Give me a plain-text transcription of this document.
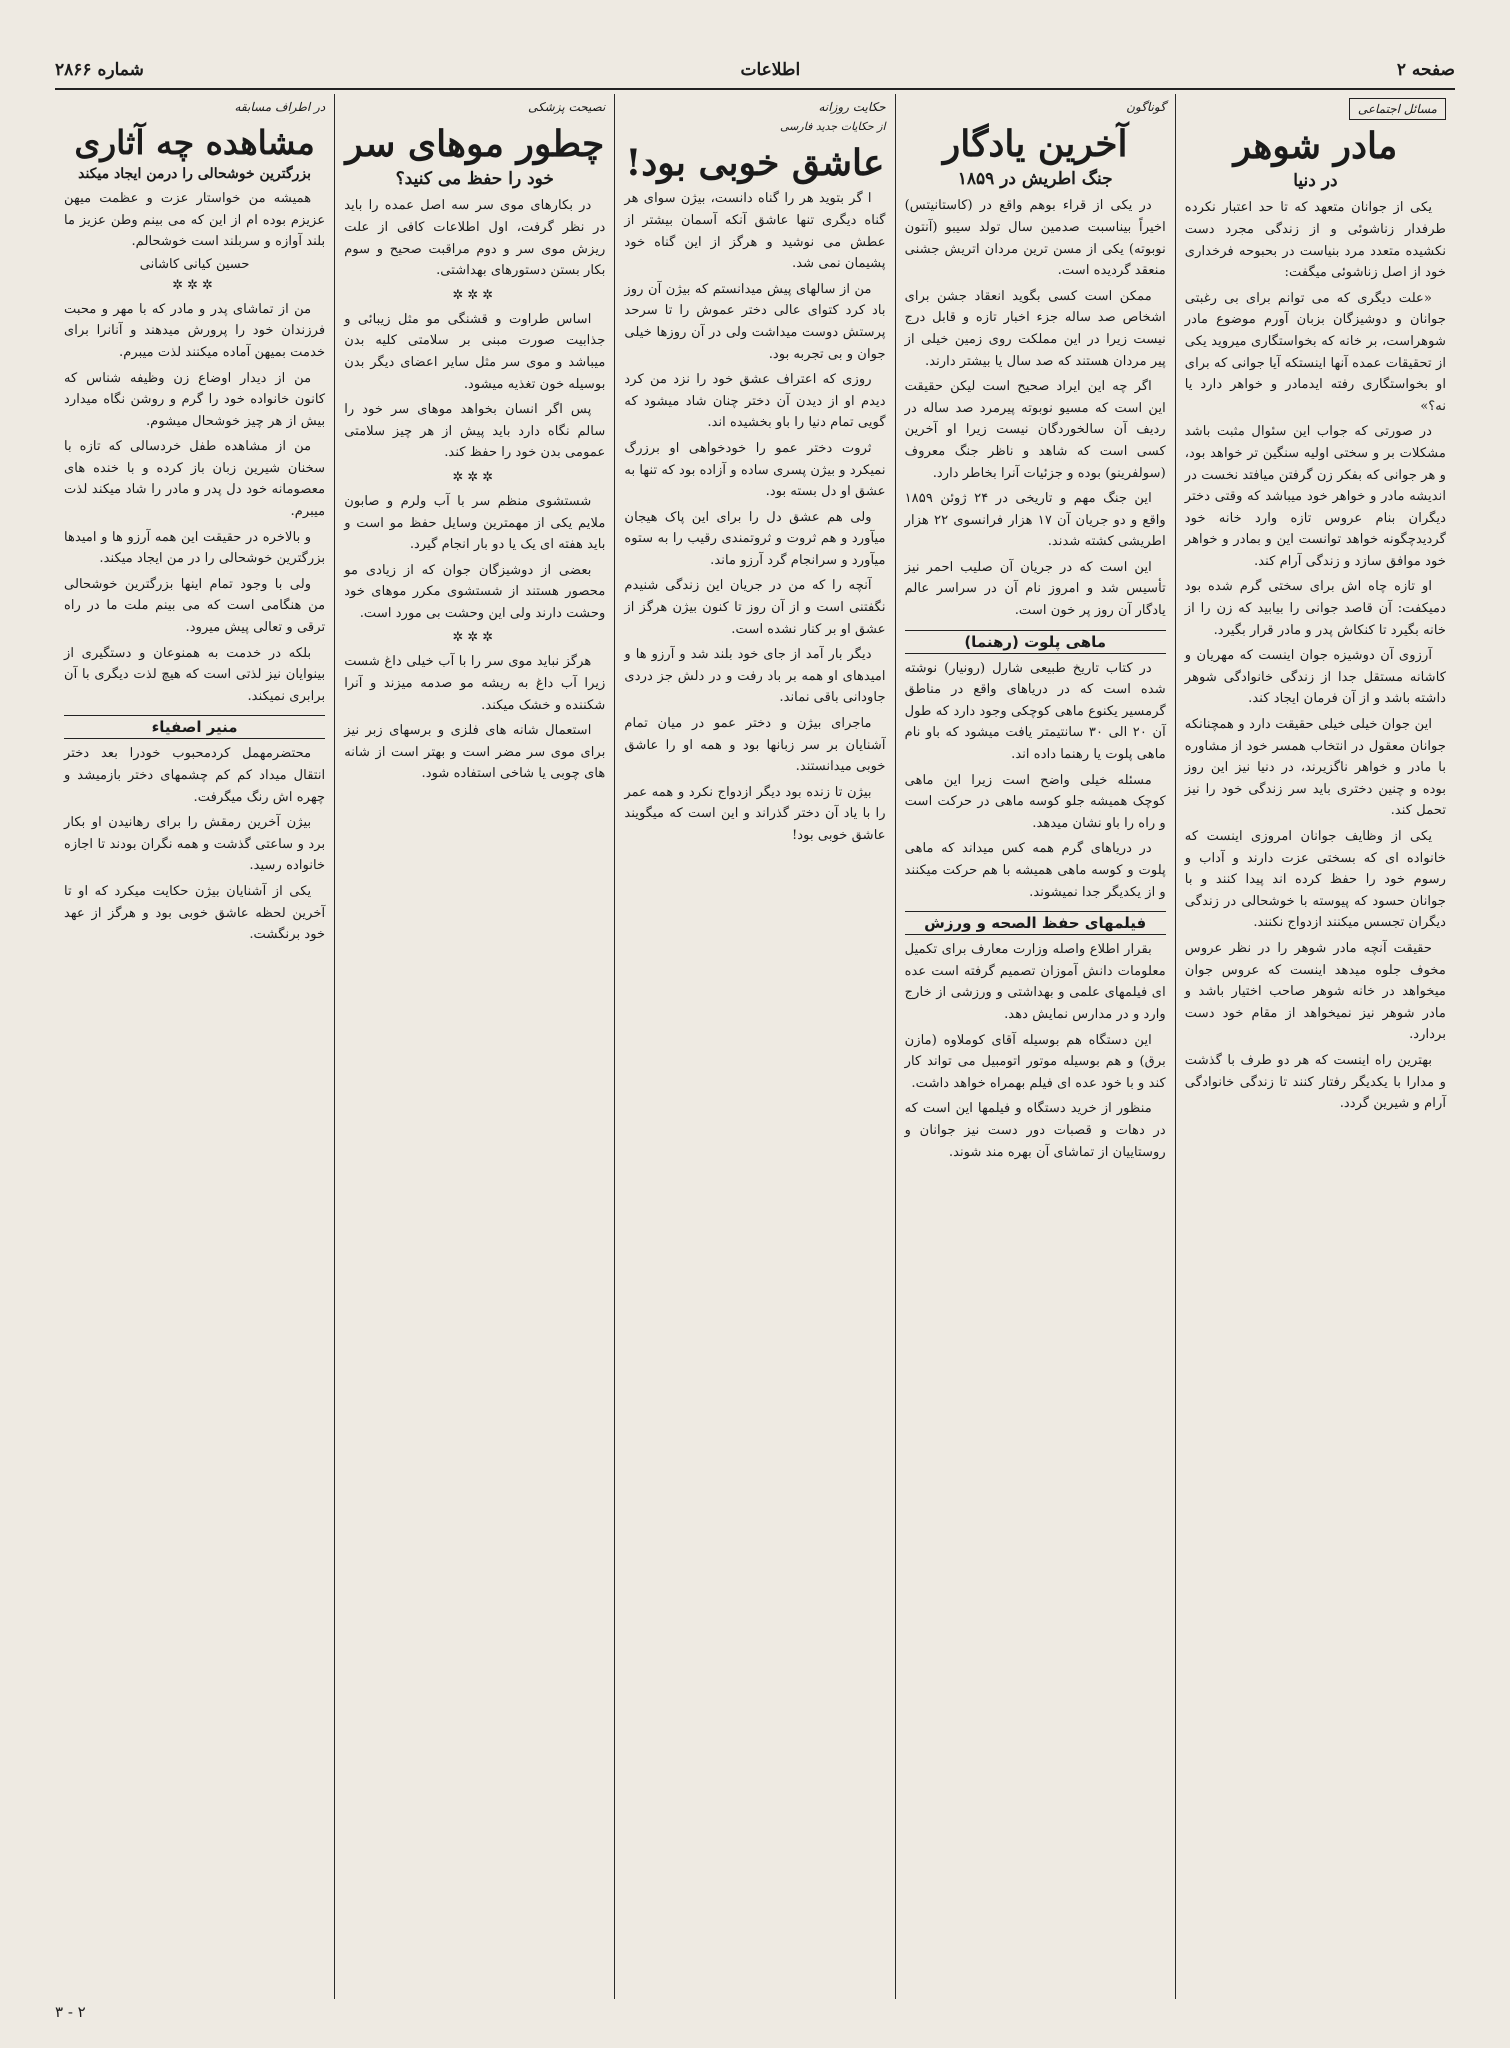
صفحه ۲
اطلاعات
شماره ۲۸۶۶
مسائل اجتماعی
مادر شوهر
در دنیا

یکی از جوانان متعهد که تا حد اعتبار نکرده طرفدار زناشوئی و از زندگی مجرد دست نکشیده متعدد مرد بنیاست در بحبوحه فرخداری خود از اصل زناشوئی میگفت:

«علت دیگری که می توانم برای بی رغبتی جوانان و دوشیزگان بزبان آورم موضوع مادر شوهراست، بر خانه که بخواستگاری میروید یکی از تحقیقات عمده آنها اینستکه آیا جوانی که برای او بخواستگاری رفته ایدمادر و خواهر دارد یا نه؟»

در صورتی که جواب این سئوال مثبت باشد مشکلات بر و سختی اولیه سنگین تر خواهد بود، و هر جوانی که بفکر زن گرفتن میافتد نخست در اندیشه مادر و خواهر خود میباشد که وقتی دختر دیگران بنام عروس تازه وارد خانه خود گردیدچگونه خواهد توانست این و بمادر و خواهر خود موافق سازد و زندگی آرام کند.

او تازه چاه اش برای سختی گرم شده بود دمیکفت: آن قاصد جوانی را بیابید که زن را از خانه بگیرد تا کنکاش پدر و مادر قرار بگیرد.

آرزوی آن دوشیزه جوان اینست که مهریان و کاشانه مستقل جدا از زندگی خانوادگی شوهر داشته باشد و از آن فرمان ایجاد کند.

این جوان خیلی خیلی حقیقت دارد و همچنانکه جوانان معقول در انتخاب همسر خود از مشاوره با مادر و خواهر ناگزیرند، در دنیا نیز این روز بوده و چنین دختری باید سر زندگی خود را نیز تحمل کند.

یکی از وظایف جوانان امروزی اینست که خانواده ای که بسختی عزت دارند و آداب و رسوم خود را حفظ کرده اند پیدا کنند و با جوانان حسود که پیوسته با خوشحالی در زندگی دیگران تجسس میکنند ازدواج نکنند.

حقیقت آنچه مادر شوهر را در نظر عروس مخوف جلوه میدهد اینست که عروس جوان میخواهد در خانه شوهر صاحب اختیار باشد و مادر شوهر نیز نمیخواهد از مقام خود دست بردارد.

بهترین راه اینست که هر دو طرف با گذشت و مدارا با یکدیگر رفتار کنند تا زندگی خانوادگی آرام و شیرین گردد.

گوناگون
آخرین یادگار
جنگ اطریش در ۱۸۵۹

در یکی از قراء بوهم واقع در (کاستانیتس) اخیراً بیناسبت صدمین سال تولد سیبو (آنتون نوبوته) یکی از مسن ترین مردان اتریش جشنی منعقد گردیده است.

ممکن است کسی بگوید انعقاد جشن برای اشخاص صد ساله جزء اخبار تازه و قابل درج نیست زیرا در این مملکت روی زمین خیلی از پیر مردان هستند که صد سال یا بیشتر دارند.

اگر چه این ایراد صحیح است لیکن حقیقت این است که مسیو نوبوته پیرمرد صد ساله در ردیف آن سالخوردگان نیست زیرا او آخرین کسی است که شاهد و ناظر جنگ معروف (سولفرینو) بوده و جزئیات آنرا بخاطر دارد.

این جنگ مهم و تاریخی در ۲۴ ژوئن ۱۸۵۹ واقع و دو جریان آن ۱۷ هزار فرانسوی ۲۲ هزار اطریشی کشته شدند.

این است که در جریان آن صلیب احمر نیز تأسیس شد و امروز نام آن در سراسر عالم یادگار آن روز پر خون است.

ماهی پلوت (رهنما)

در کتاب تاریخ طبیعی شارل (رونیار) نوشته شده است که در دریاهای واقع در مناطق گرمسیر یکنوع ماهی کوچکی وجود دارد که طول آن ۲۰ الی ۳۰ سانتیمتر یافت میشود که باو نام ماهی پلوت یا رهنما داده اند.

مسئله خیلی واضح است زیرا این ماهی کوچک همیشه جلو کوسه ماهی در حرکت است و راه را باو نشان میدهد.

در دریاهای گرم همه کس میداند که ماهی پلوت و کوسه ماهی همیشه با هم حرکت میکنند و از یکدیگر جدا نمیشوند.

فیلمهای حفظ الصحه و ورزش

بقرار اطلاع واصله وزارت معارف برای تکمیل معلومات دانش آموزان تصمیم گرفته است عده ای فیلمهای علمی و بهداشتی و ورزشی از خارج وارد و در مدارس نمایش دهد.

این دستگاه هم بوسیله آقای کوملاوه (مازن برق) و هم بوسیله موتور اتومبیل می تواند کار کند و با خود عده ای فیلم بهمراه خواهد داشت.

منظور از خرید دستگاه و فیلمها این است که در دهات و قصبات دور دست نیز جوانان و روستاییان از تماشای آن بهره مند شوند.

حکایت روزانه
از حکایات جدید فارسی
عاشق خوبی بود!

ا گر بتوید هر را گناه دانست، بیژن سوای هر گناه دیگری تنها عاشق آنکه آسمان بیشتر از عطش می نوشید و هرگز از این گناه خود پشیمان نمی شد.

من از سالهای پیش میدانستم که بیژن آن روز باد کرد کتوای عالی دختر عموش را تا سرحد پرستش دوست میداشت ولی در آن روزها خیلی جوان و بی تجربه بود.

روزی که اعتراف عشق خود را نزد من کرد دیدم او از دیدن آن دختر چنان شاد میشود که گویی تمام دنیا را باو بخشیده اند.

ثروت دختر عمو را خودخواهی او برزرگ نمیکرد و بیژن پسری ساده و آزاده بود که تنها به عشق او دل بسته بود.

ولی هم عشق دل را برای این پاک هیجان میآورد و هم ثروت و ثروتمندی رقیب را به ستوه میآورد و سرانجام گرد آرزو ماند.

آنچه را که من در جریان این زندگی شنیدم نگفتنی است و از آن روز تا کنون بیژن هرگز از عشق او بر کنار نشده است.

دیگر بار آمد از جای خود بلند شد و آرزو ها و امیدهای او همه بر باد رفت و در دلش جز دردی جاودانی باقی نماند.

ماجرای بیژن و دختر عمو در میان تمام آشنایان بر سر زبانها بود و همه او را عاشق خوبی میدانستند.

بیژن تا زنده بود دیگر ازدواج نکرد و همه عمر را با یاد آن دختر گذراند و این است که میگویند عاشق خوبی بود!

نصیحت پزشکی
چطور موهای سر
خود را حفظ می کنید؟

در بکارهای موی سر سه اصل عمده را باید در نظر گرفت، اول اطلاعات کافی از علت ریزش موی سر و دوم مراقبت صحیح و سوم بکار بستن دستورهای بهداشتی.

✲✲✲

اساس طراوت و قشنگی مو مثل زیبائی و جذابیت صورت مبنی بر سلامتی کلیه بدن میباشد و موی سر مثل سایر اعضای دیگر بدن بوسیله خون تغذیه میشود.

پس اگر انسان بخواهد موهای سر خود را سالم نگاه دارد باید پیش از هر چیز سلامتی عمومی بدن خود را حفظ کند.

✲✲✲

شستشوی منظم سر با آب ولرم و صابون ملایم یکی از مهمترین وسایل حفظ مو است و باید هفته ای یک یا دو بار انجام گیرد.

بعضی از دوشیزگان جوان که از زیادی مو محصور هستند از شستشوی مکرر موهای خود وحشت دارند ولی این وحشت بی مورد است.

✲✲✲

هرگز نباید موی سر را با آب خیلی داغ شست زیرا آب داغ به ریشه مو صدمه میزند و آنرا شکننده و خشک میکند.

استعمال شانه های فلزی و برسهای زبر نیز برای موی سر مضر است و بهتر است از شانه های چوبی یا شاخی استفاده شود.

در اطراف مسابقه
مشاهده چه آثاری
بزرگترین خوشحالی را درمن ایجاد میکند

همیشه من خواستار عزت و عظمت میهن عزیزم بوده ام از این که می بینم وطن عزیز ما بلند آوازه و سربلند است خوشحالم.

حسین کیانی کاشانی
✲✲✲

من از تماشای پدر و مادر که با مهر و محبت فرزندان خود را پرورش میدهند و آنانرا برای خدمت بمیهن آماده میکنند لذت میبرم.

من از دیدار اوضاع زن وظیفه شناس که کانون خانواده خود را گرم و روشن نگاه میدارد بیش از هر چیز خوشحال میشوم.

من از مشاهده طفل خردسالی که تازه با سخنان شیرین زبان باز کرده و با خنده های معصومانه خود دل پدر و مادر را شاد میکند لذت میبرم.

و بالاخره در حقیقت این همه آرزو ها و امیدها بزرگترین خوشحالی را در من ایجاد میکند.

ولی با وجود تمام اینها بزرگترین خوشحالی من هنگامی است که می بینم ملت ما در راه ترقی و تعالی پیش میرود.

بلکه در خدمت به همنوعان و دستگیری از بینوایان نیز لذتی است که هیچ لذت دیگری با آن برابری نمیکند.

منیر اصفیاء

محتضرمهمل کردمحبوب خودرا بعد دختر انتقال میداد کم کم چشمهای دختر بازمیشد و چهره اش رنگ میگرفت.

بیژن آخرین رمقش را برای رهانیدن او بکار برد و ساعتی گذشت و همه نگران بودند تا اجازه خانواده رسید.

یکی از آشنایان بیژن حکایت میکرد که او تا آخرین لحظه عاشق خوبی بود و هرگز از عهد خود برنگشت.

۲ - ۳
